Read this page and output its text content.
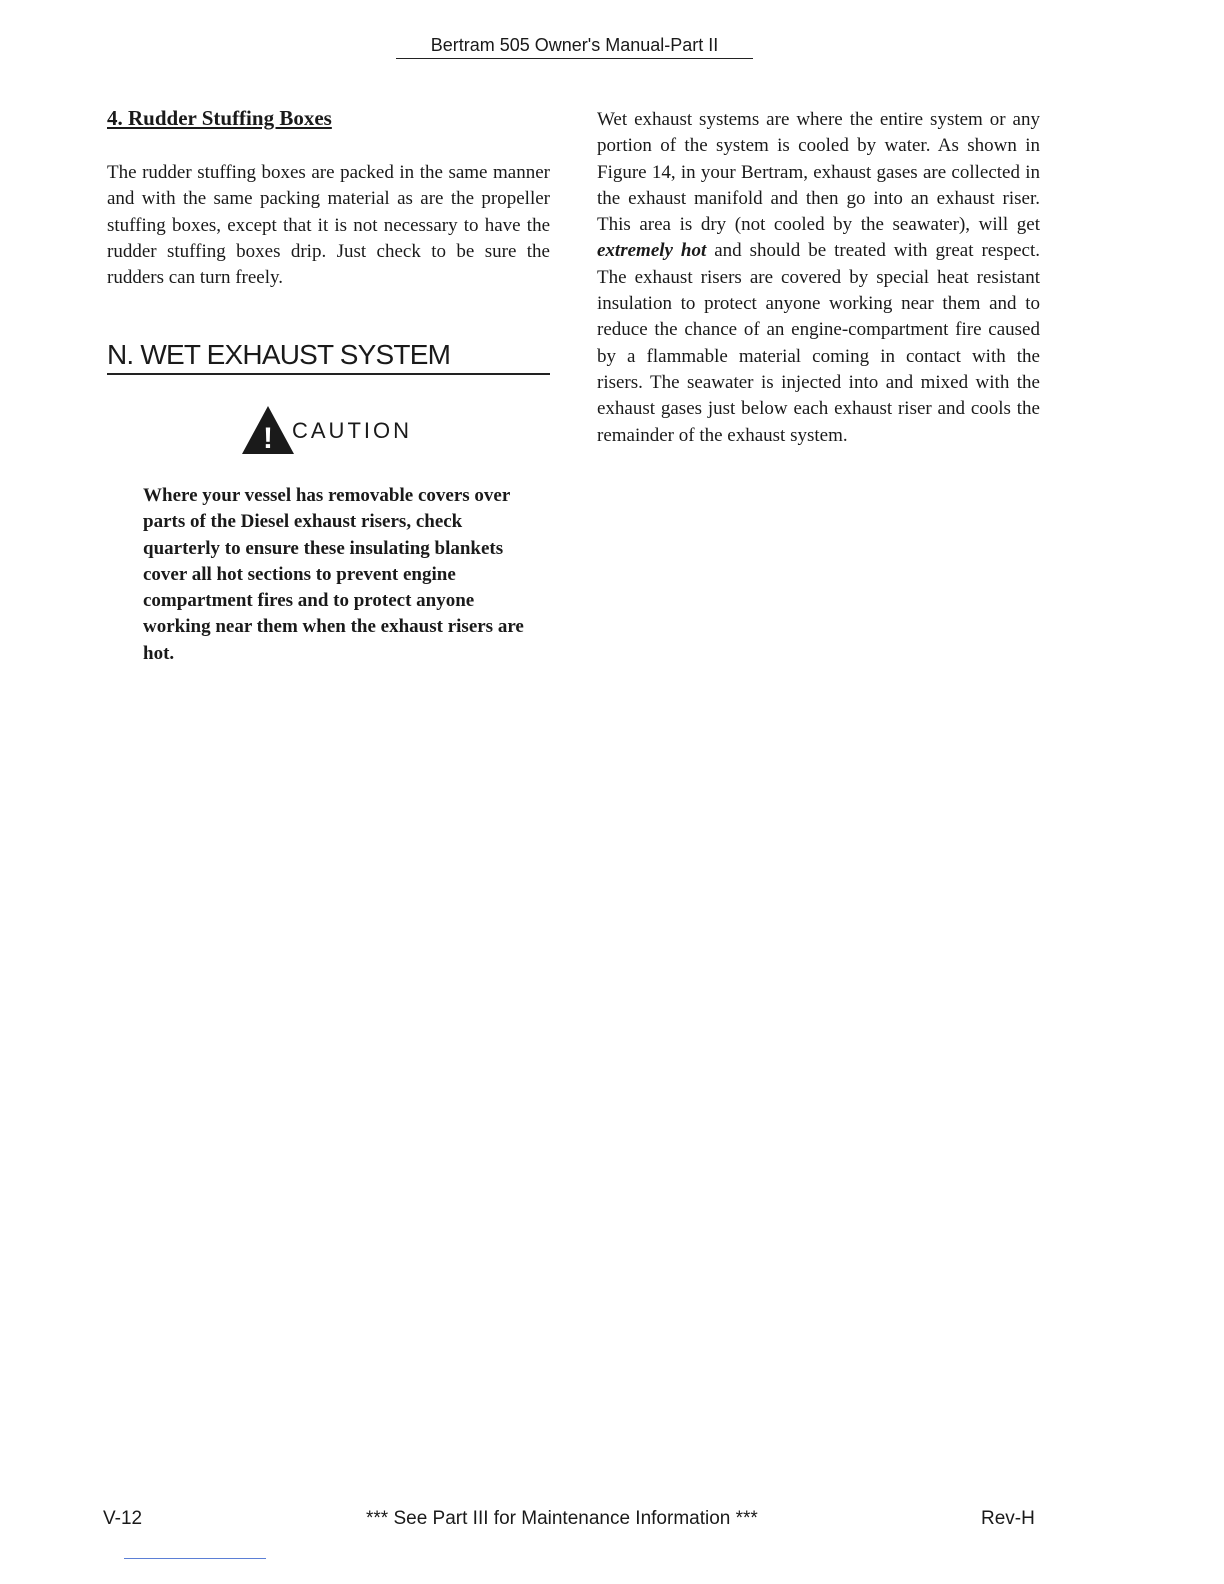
Bertram 505 Owner's Manual-Part II
4. Rudder Stuffing Boxes

The rudder stuffing boxes are packed in the same manner and with the same packing material as are the propeller stuffing boxes, except that it is not necessary to have the rudder stuffing boxes drip. Just check to be sure the rudders can turn freely.

N. WET EXHAUST SYSTEM
! CAUTION

Where your vessel has removable covers over parts of the Diesel exhaust risers, check quarterly to ensure these insulating blankets cover all hot sections to prevent engine compartment fires and to protect anyone working near them when the exhaust risers are hot.

Wet exhaust systems are where the entire system or any portion of the system is cooled by water. As shown in Figure 14, in your Bertram, exhaust gases are collected in the exhaust manifold and then go into an exhaust riser. This area is dry (not cooled by the seawater), will get extremely hot and should be treated with great respect. The exhaust risers are covered by special heat resistant insulation to protect anyone working near them and to reduce the chance of an engine-compartment fire caused by a flammable material coming in contact with the risers. The seawater is injected into and mixed with the exhaust gases just below each exhaust riser and cools the remainder of the exhaust system.

V-12	*** See Part III for Maintenance Information ***	Rev-H
